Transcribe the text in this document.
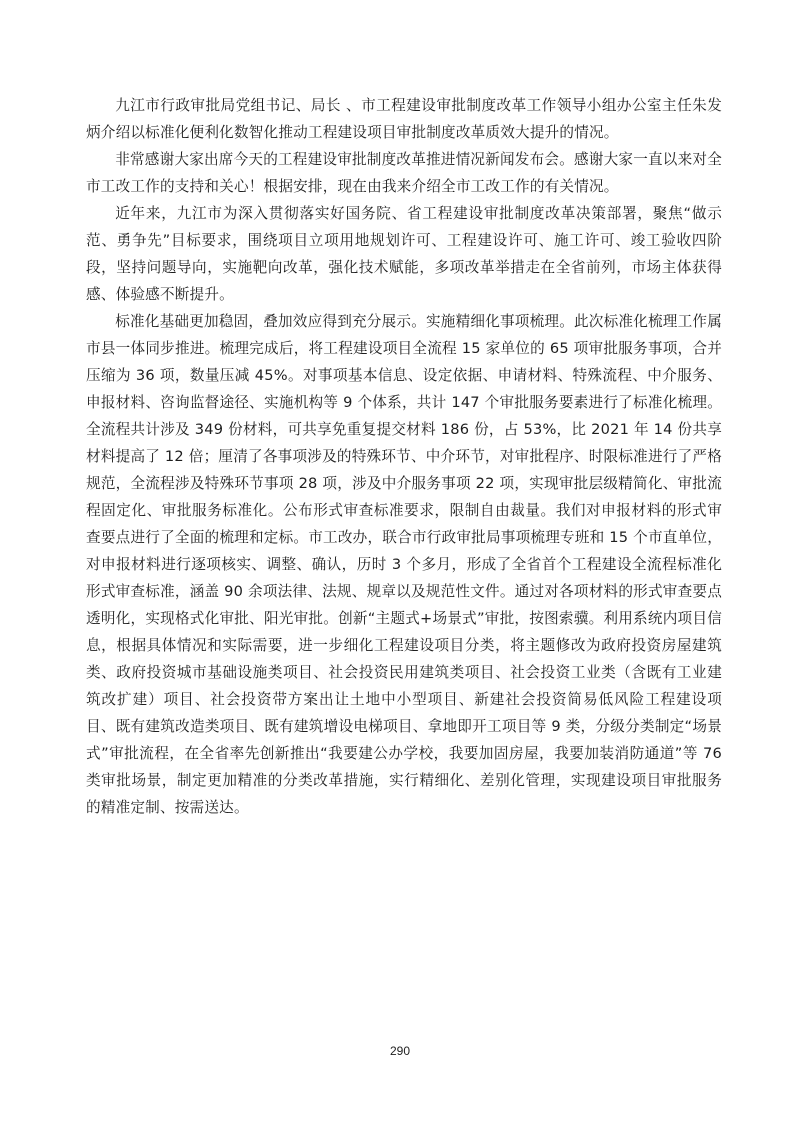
九江市行政审批局党组书记、局长 、市工程建设审批制度改革工作领导小组办公室主任朱发炳介绍以标准化便利化数智化推动工程建设项目审批制度改革质效大提升的情况。

非常感谢大家出席今天的工程建设审批制度改革推进情况新闻发布会。感谢大家一直以来对全市工改工作的支持和关心！根据安排，现在由我来介绍全市工改工作的有关情况。

近年来，九江市为深入贯彻落实好国务院、省工程建设审批制度改革决策部署，聚焦“做示范、勇争先”目标要求，围绕项目立项用地规划许可、工程建设许可、施工许可、竣工验收四阶段，坚持问题导向，实施靶向改革，强化技术赋能，多项改革举措走在全省前列，市场主体获得感、体验感不断提升。

标准化基础更加稳固，叠加效应得到充分展示。实施精细化事项梳理。此次标准化梳理工作属市县一体同步推进。梳理完成后，将工程建设项目全流程 15 家单位的 65 项审批服务事项，合并压缩为 36 项，数量压减 45%。对事项基本信息、设定依据、申请材料、特殊流程、中介服务、申报材料、咨询监督途径、实施机构等 9 个体系，共计 147 个审批服务要素进行了标准化梳理。全流程共计涉及 349 份材料，可共享免重复提交材料 186 份，占 53%，比 2021 年 14 份共享材料提高了 12 倍；厘清了各事项涉及的特殊环节、中介环节，对审批程序、时限标准进行了严格规范，全流程涉及特殊环节事项 28 项，涉及中介服务事项 22 项，实现审批层级精简化、审批流程固定化、审批服务标准化。公布形式审查标准要求，限制自由裁量。我们对申报材料的形式审查要点进行了全面的梳理和定标。市工改办，联合市行政审批局事项梳理专班和 15 个市直单位，对申报材料进行逐项核实、调整、确认，历时 3 个多月，形成了全省首个工程建设全流程标准化形式审查标准，涵盖 90 余项法律、法规、规章以及规范性文件。通过对各项材料的形式审查要点透明化，实现格式化审批、阳光审批。创新“主题式+场景式”审批，按图索骥。利用系统内项目信息，根据具体情况和实际需要，进一步细化工程建设项目分类，将主题修改为政府投资房屋建筑类、政府投资城市基础设施类项目、社会投资民用建筑类项目、社会投资工业类（含既有工业建筑改扩建）项目、社会投资带方案出让土地中小型项目、新建社会投资简易低风险工程建设项目、既有建筑改造类项目、既有建筑增设电梯项目、拿地即开工项目等 9 类，分级分类制定“场景式”审批流程，在全省率先创新推出“我要建公办学校，我要加固房屋，我要加装消防通道”等 76 类审批场景，制定更加精准的分类改革措施，实行精细化、差别化管理，实现建设项目审批服务的精准定制、按需送达。

290
